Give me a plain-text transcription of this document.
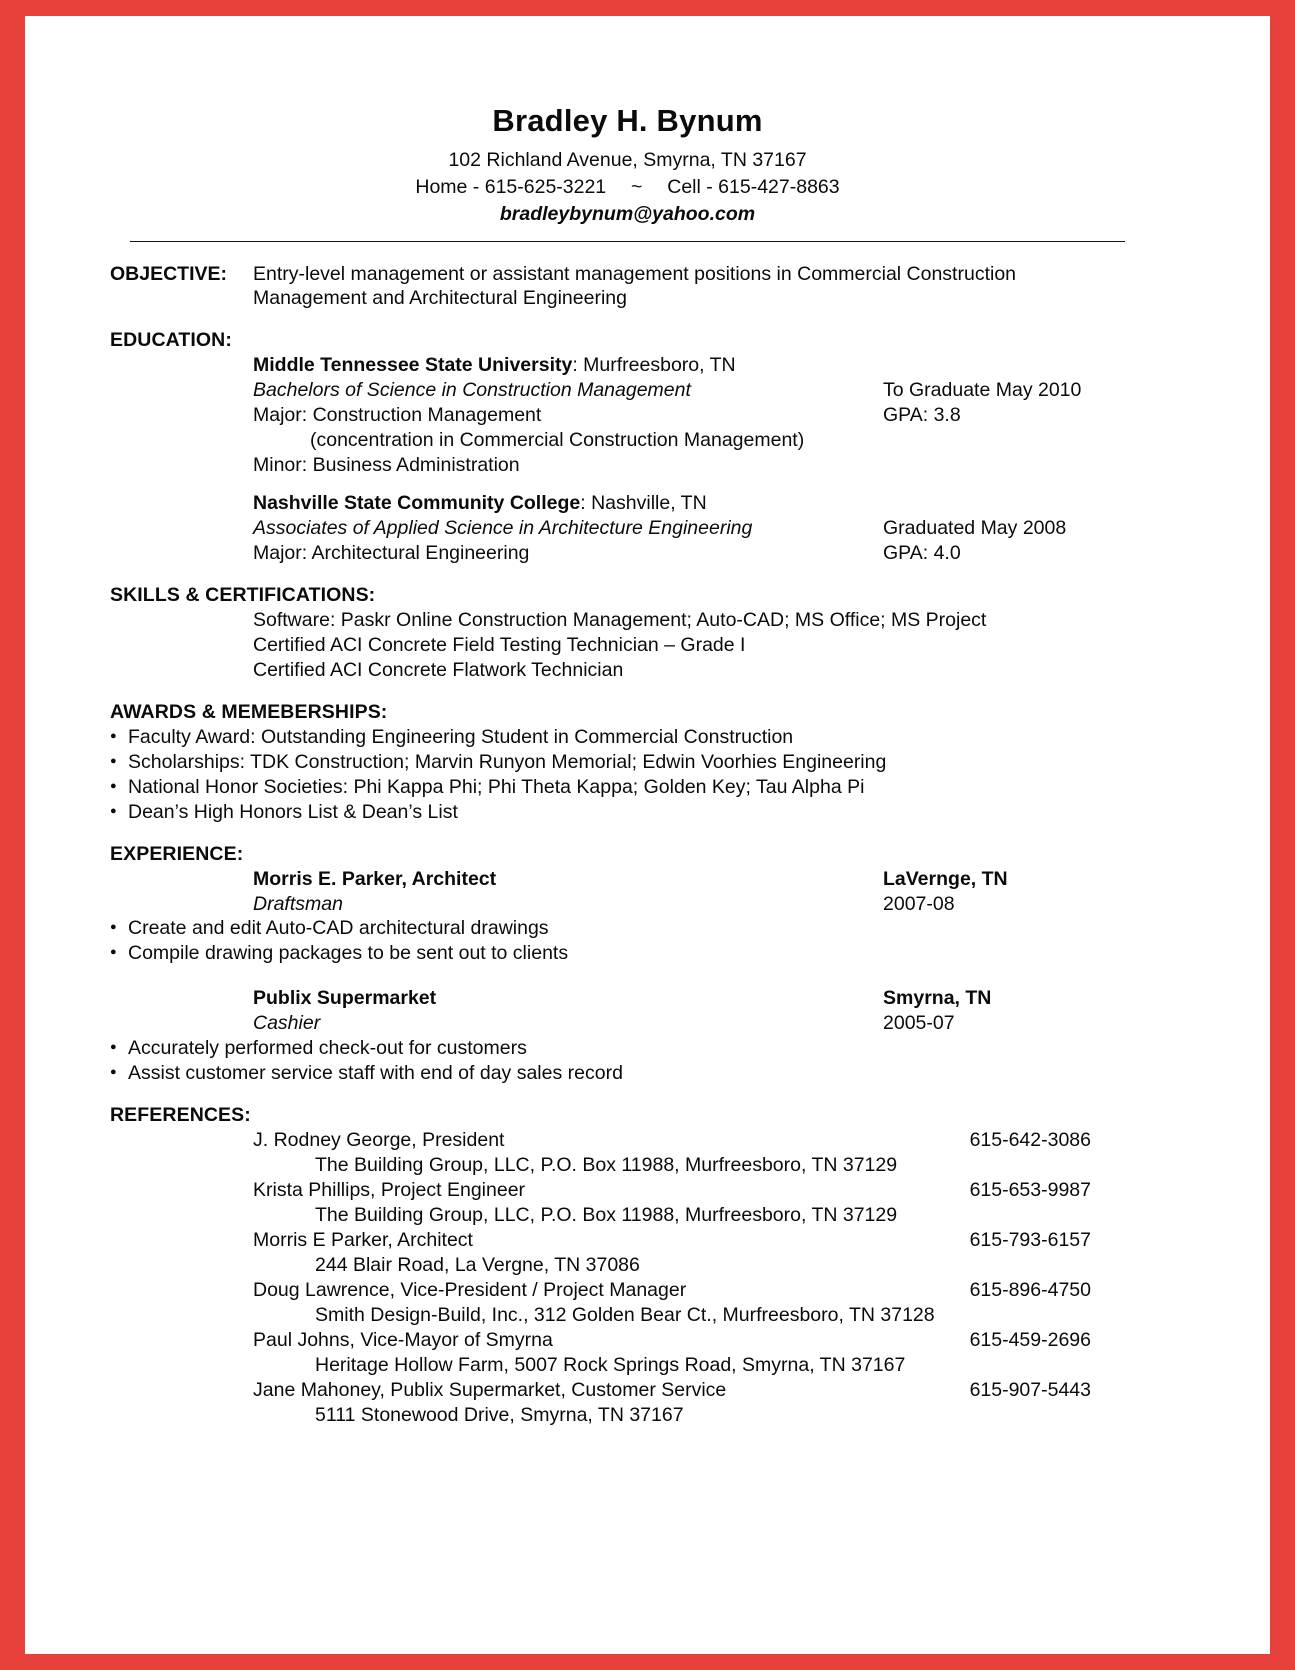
Bradley H. Bynum
102 Richland Avenue, Smyrna, TN 37167
Home - 615-625-3221 ~ Cell - 615-427-8863
bradleybynum@yahoo.com
OBJECTIVE: Entry-level management or assistant management positions in Commercial Construction
Management and Architectural Engineering
EDUCATION:
Middle Tennessee State University: Murfreesboro, TN
Bachelors of Science in Construction Management	To Graduate May 2010
Major: Construction Management	GPA: 3.8
(concentration in Commercial Construction Management)
Minor: Business Administration
Nashville State Community College: Nashville, TN
Associates of Applied Science in Architecture Engineering	Graduated May 2008
Major: Architectural Engineering	GPA: 4.0
SKILLS & CERTIFICATIONS:
Software: Paskr Online Construction Management; Auto-CAD; MS Office; MS Project
Certified ACI Concrete Field Testing Technician – Grade I
Certified ACI Concrete Flatwork Technician
AWARDS & MEMEBERSHIPS:
● Faculty Award: Outstanding Engineering Student in Commercial Construction
● Scholarships: TDK Construction; Marvin Runyon Memorial; Edwin Voorhies Engineering
● National Honor Societies: Phi Kappa Phi; Phi Theta Kappa; Golden Key; Tau Alpha Pi
● Dean’s High Honors List & Dean’s List
EXPERIENCE:
Morris E. Parker, Architect	LaVernge, TN
Draftsman	2007-08
● Create and edit Auto-CAD architectural drawings
● Compile drawing packages to be sent out to clients
Publix Supermarket	Smyrna, TN
Cashier	2005-07
● Accurately performed check-out for customers
● Assist customer service staff with end of day sales record
REFERENCES:
J. Rodney George, President	615-642-3086
The Building Group, LLC, P.O. Box 11988, Murfreesboro, TN 37129
Krista Phillips, Project Engineer	615-653-9987
The Building Group, LLC, P.O. Box 11988, Murfreesboro, TN 37129
Morris E Parker, Architect	615-793-6157
244 Blair Road, La Vergne, TN 37086
Doug Lawrence, Vice-President / Project Manager	615-896-4750
Smith Design-Build, Inc., 312 Golden Bear Ct., Murfreesboro, TN 37128
Paul Johns, Vice-Mayor of Smyrna	615-459-2696
Heritage Hollow Farm, 5007 Rock Springs Road, Smyrna, TN 37167
Jane Mahoney, Publix Supermarket, Customer Service	615-907-5443
5111 Stonewood Drive, Smyrna, TN 37167
